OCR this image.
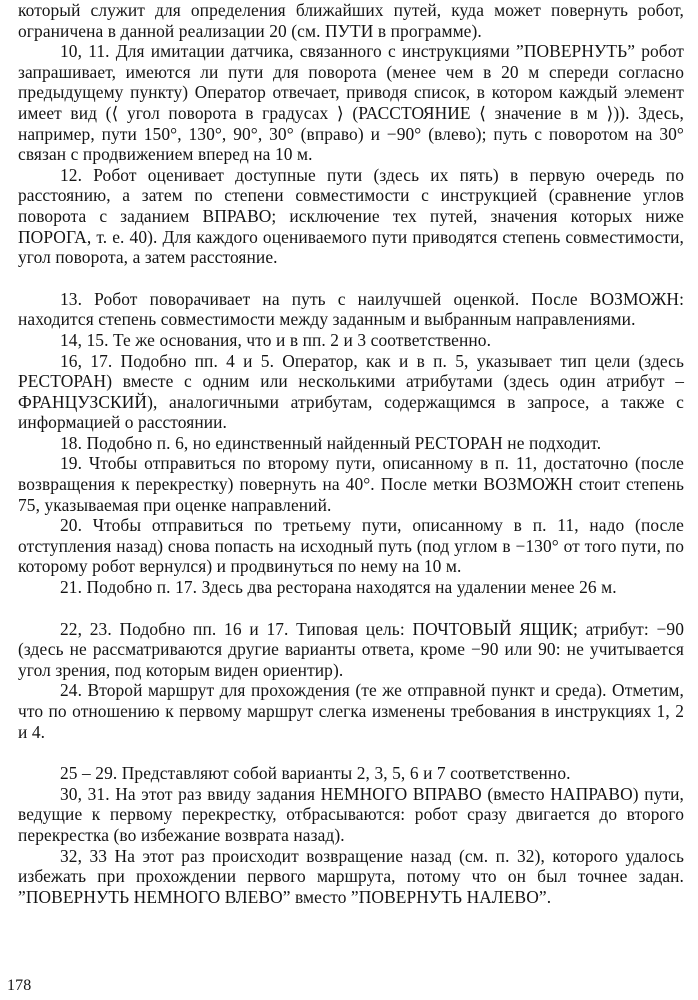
который служит для определения ближайших путей, куда может повернуть робот, ограничена в данной реализации 20 (см. ПУТИ в программе).

10, 11. Для имитации датчика, связанного с инструкциями ”ПОВЕРНУТЬ” робот запрашивает, имеются ли пути для поворота (менее чем в 20 м спереди согласно предыдущему пункту) Оператор отвечает, приводя список, в котором каждый элемент имеет вид (⟨ угол поворота в градусах ⟩ (РАССТОЯНИЕ ⟨ значение в м ⟩)). Здесь, например, пути 150°, 130°, 90°, 30° (вправо) и −90° (влево); путь с поворотом на 30° связан с продвижением вперед на 10 м.

12. Робот оценивает доступные пути (здесь их пять) в первую очередь по расстоянию, а затем по степени совместимости с инструкцией (сравнение углов поворота с заданием ВПРАВО; исключение тех путей, значения которых ниже ПОРОГА, т. е. 40). Для каждого оцениваемого пути приводятся степень совместимости, угол поворота, а затем расстояние.

13. Робот поворачивает на путь с наилучшей оценкой. После ВОЗМОЖН: находится степень совместимости между заданным и выбранным направлениями.

14, 15. Те же основания, что и в пп. 2 и 3 соответственно.

16, 17. Подобно пп. 4 и 5. Оператор, как и в п. 5, указывает тип цели (здесь РЕСТОРАН) вместе с одним или несколькими атрибутами (здесь один атрибут – ФРАНЦУЗСКИЙ), аналогичными атрибутам, содержащимся в запросе, а также с информацией о расстоянии.

18. Подобно п. 6, но единственный найденный РЕСТОРАН не подходит.

19. Чтобы отправиться по второму пути, описанному в п. 11, достаточно (после возвращения к перекрестку) повернуть на 40°. После метки ВОЗМОЖН стоит степень 75, указываемая при оценке направлений.

20. Чтобы отправиться по третьему пути, описанному в п. 11, надо (после отступления назад) снова попасть на исходный путь (под углом в −130° от того пути, по которому робот вернулся) и продвинуться по нему на 10 м.

21. Подобно п. 17. Здесь два ресторана находятся на удалении менее 26 м.

22, 23. Подобно пп. 16 и 17. Типовая цель: ПОЧТОВЫЙ ЯЩИК; атрибут: −90 (здесь не рассматриваются другие варианты ответа, кроме −90 или 90: не учитывается угол зрения, под которым виден ориентир).

24. Второй маршрут для прохождения (те же отправной пункт и среда). Отметим, что по отношению к первому маршрут слегка изменены требования в инструкциях 1, 2 и 4.

25 – 29. Представляют собой варианты 2, 3, 5, 6 и 7 соответственно.

30, 31. На этот раз ввиду задания НЕМНОГО ВПРАВО (вместо НАПРАВО) пути, ведущие к первому перекрестку, отбрасываются: робот сразу двигается до второго перекрестка (во избежание возврата назад).

32, 33 На этот раз происходит возвращение назад (см. п. 32), которого удалось избежать при прохождении первого маршрута, потому что он был точнее задан. ”ПОВЕРНУТЬ НЕМНОГО ВЛЕВО” вместо ”ПОВЕРНУТЬ НАЛЕВО”.

178
